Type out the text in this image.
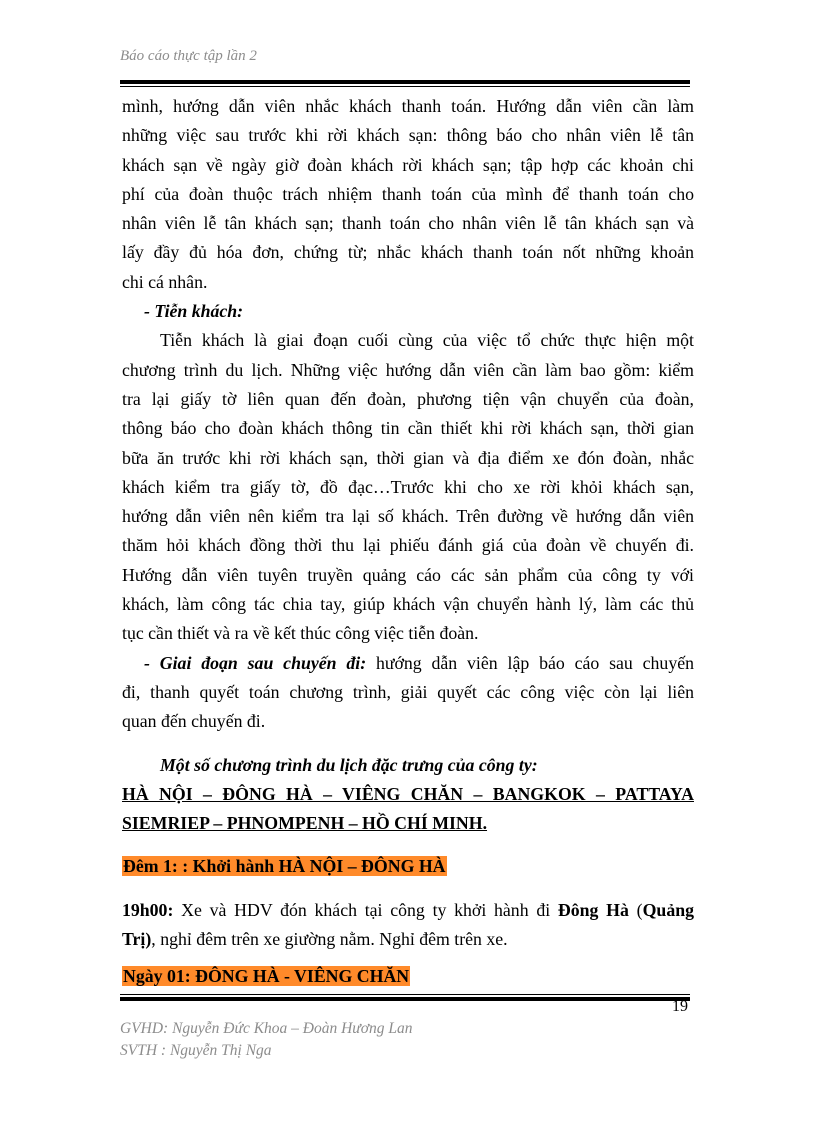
Báo cáo thực tập lần 2
mình, hướng dẫn viên nhắc khách thanh toán. Hướng dẫn viên cần làm
những việc sau trước khi rời khách sạn: thông báo cho nhân viên lễ tân
khách sạn về ngày giờ đoàn khách rời khách sạn; tập hợp các khoản chi
phí của đoàn thuộc trách nhiệm thanh toán của mình để thanh toán cho
nhân viên lễ tân khách sạn; thanh toán cho nhân viên lễ tân khách sạn và
lấy đầy đủ hóa đơn, chứng từ; nhắc khách thanh toán nốt những khoản
chi cá nhân.
- Tiễn khách:
Tiễn khách là giai đoạn cuối cùng của việc tổ chức thực hiện một
chương trình du lịch. Những việc hướng dẫn viên cần làm bao gồm: kiểm
tra lại giấy tờ liên quan đến đoàn, phương tiện vận chuyển của đoàn,
thông báo cho đoàn khách thông tin cần thiết khi rời khách sạn, thời gian
bữa ăn trước khi rời khách sạn, thời gian và địa điểm xe đón đoàn, nhắc
khách kiểm tra giấy tờ, đồ đạc…Trước khi cho xe rời khỏi khách sạn,
hướng dẫn viên nên kiểm tra lại số khách. Trên đường về hướng dẫn viên
thăm hỏi khách đồng thời thu lại phiếu đánh giá của đoàn về chuyến đi.
Hướng dẫn viên tuyên truyền quảng cáo các sản phẩm của công ty với
khách, làm công tác chia tay, giúp khách vận chuyển hành lý, làm các thủ
tục cần thiết và ra về kết thúc công việc tiễn đoàn.
- Giai đoạn sau chuyến đi: hướng dẫn viên lập báo cáo sau chuyến
đi, thanh quyết toán chương trình, giải quyết các công việc còn lại liên
quan đến chuyến đi.
Một số chương trình du lịch đặc trưng của công ty:
HÀ NỘI – ĐÔNG HÀ – VIÊNG CHĂN – BANGKOK – PATTAYA
SIEMRIEP – PHNOMPENH – HỒ CHÍ MINH.
Đêm 1: : Khởi hành HÀ NỘI – ĐÔNG HÀ
19h00: Xe và HDV đón khách tại công ty khởi hành đi Đông Hà (Quảng
Trị), nghỉ đêm trên xe giường nằm. Nghỉ đêm trên xe.
Ngày 01: ĐÔNG HÀ - VIÊNG CHĂN
19
GVHD: Nguyễn Đức Khoa – Đoàn Hương Lan
SVTH : Nguyễn Thị Nga
